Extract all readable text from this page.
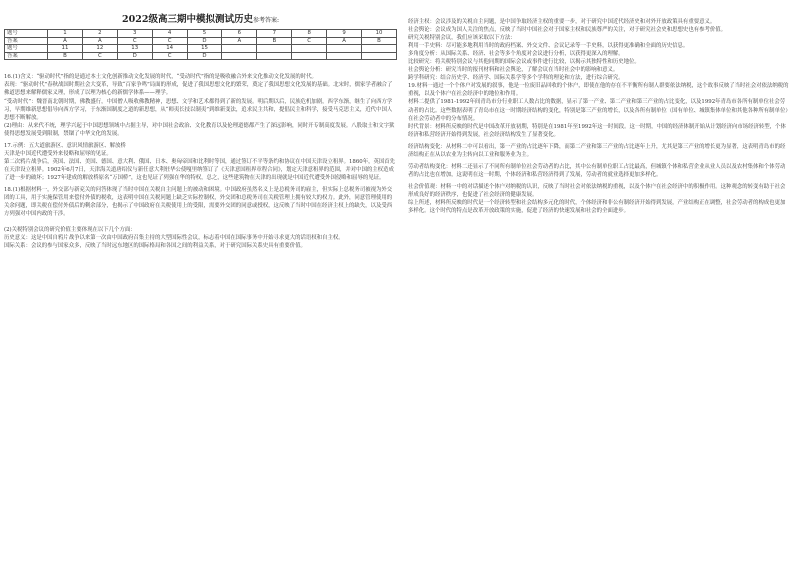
2022级高三期中模拟测试历史参考答案:
题号	1	2	3	4	5	6	7	8	9	10
答案	A	A	C	C	D	A	B	C	A	B
题号	11	12	13	14	15					
答案	B	C	D	C	D					

16.(1)含义：“驱动时代”指的是通过本土文化创新推动文化发展的时代，“受动时代”指的是吸收融合外来文化推动文化发展的时代。

表现：“驱动时代”春秋战国时期社会大变革，导致“百家争鸣”局面的形成，促进了我国思想文化的繁荣，奠定了我国思想文化发展的基础。北宋时，儒家学者融合了佛道思想来解释儒家义理，形成了以理为核心的新儒学体系——理学。

“受动时代”：魏晋南北朝时期，佛教盛行，中国僧人吸收佛教精神，思想、文学和艺术都得到了新的发展。明后期以后，民族危机加剧，西学东渐，继生了向西方学习，早期维新思想倡导向西方学习，于东渐国制度之道的新思想，从“师夷长技以制夷”到维新变法，追求民主共和，提倡民主和科学，接受马克思主义，近代中国人思想不断解放。

(2)理由：从来代不统，理学兴起于中国思想领域中占据主导，对中国社会政治、文化教育以及伦理道德都产生了深远影响，同时开专制高度发展。八股取士和文字狱使得思想发展受到限制，禁锢了中华文化的发展。

17.示例：五大道旅游区、意识风情旅游区、解放桥

天津是中国近代遭受外来侵略和屈辱的见证。

第二次鸦片战争后，英国、法国、美国、德国、意大利、俄国、日本、奥匈帝国和比利时等国，通过签订不平等条约和协议在中国天津设立租界。1860年，英国首先在天津设立租界。1902年6月7日，天津海关道唐绍仪与新任意大利驻华公使嘎里纳签订了《天津意国租界章程合同》，划定天津意租界的范围，并对中国的主权造成了进一步的破坏；1927年建成的解放桥原名“万国桥”，这也见证了列强在华的特权，总之，这些建筑物在天津的出现就是中国近代遭受外国侵略和屈辱的见证。

18.(1)根据材料一，外交部与新兖关的问答体现了当时中国在关税自主问题上的被动和困境。中国政府虽然名义上是总税务司的雇主，但实际上总税务司被视为外交团的工具，用于实施保管用来偿付外债的税收，这表明中国在关税问题上缺乏实际控制权，外交团和总税务司在关税管理上拥有较大的权力。此外，同意管理使用的关余问题，即关税在偿付外债后的剩余部分，也揭示了中国政府在关税使用上的受限，需要外交团的同意或授权，这反映了当时中国在经济主权上的缺失，以及受西方列强对中国内政的干涉。

(2)关税特别会议的研究价值主要体现在以下几个方面：

历史意义：这是中国自鸦片战争以来第一次由中国政府召集主持的大型国际性会议，标志着中国在国际事务中开始寻求更大的话语权和自主权。

国际关系：会议的参与国家众多，反映了当时远东地区的国际格局和各国之间的利益关系，对于研究国际关系史具有重要价值。

经济主权：会议涉及的关税自主问题，是中国争取经济主权的重要一步，对于研究中国近代经济史和对外开放政策具有重要意义。

社会舆论：会议成为国人关注的焦点，反映了当时中国社会对于国家主权和民族尊严的关注，对于研究社会史和思想史也有参考价值。

研究关税特别会议，我们应该采取以下方法：

利用一手史料：尽可能多地利用当时的政府档案、外交文件、会议记录等一手史料，以获得更准确和全面的历史信息。

多角度分析：从国际关系、经济、社会等多个角度对会议进行分析，以获得更深入的理解。

比较研究：将关税特别会议与其他同期的国际会议或事件进行比较，以揭示其独特性和历史地位。

社会舆论分析：研究当时的报刊材料和社会舆论，了解会议在当时社会中的影响和意义。

跨学科研究：结合历史学、经济学、国际关系学等多个学科的理论和方法，进行综合研究。

19.材料一通过一个个体户对发展的叙事，他是一位废旧品回收的个体户，即使在他的存在不平衡所有制人群要依法纳税，这个故事反映了当时社会对依法纳税的重视，以及个体户在社会经济中的地位和作用。

材料二提供了1981-1992年间青岛市分行业职工人数占比的数据，显示了第一产业、第二产业和第三产业的占比变化，以及1992年青岛市各所有制单位社会劳动者的占比。这些数据表明了青岛市在这一时期经济结构的变化，特别是第三产业的增长，以及各所有制单位（国有单位、城镇集体单位和其他各种所有制单位）在社会劳动者中的分布情况。

时代背景：材料所反映的时代是中国改革开放初期，特别是在1981年至1992年这一时间段。这一时期，中国的经济体制开始从计划经济向市场经济转型，个体经济和私营经济开始得到发展，社会经济结构发生了显著变化。

经济结构变化：从材料二中可以看出，第一产业的占比逐年下降，而第二产业和第三产业的占比逐年上升，尤其是第三产业的增长更为显著，这表明青岛市的经济结构正在从以农业为主转向以工业和服务业为主。

劳动者结构变化：材料二还显示了不同所有制单位社会劳动者的占比，其中公有制单位职工占比最高，但城镇个体和私营企业从业人员以及农村集体和个体劳动者的占比也在增加，这说明在这一时期，个体经济和私营经济得到了发展，劳动者的就业选择更加多样化。

社会价值观：材料一中的对话描述个体户对纳税的认识，反映了当时社会对依法纳税的重视，以及个体户在社会经济中的积极作用。这种观念的转变有助于社会形成良好的经济秩序，也促进了社会经济的健康发展。

综上所述，材料所反映的时代是一个经济转型和社会结构多元化的时代，个体经济和非公有制经济开始得到发展，产业结构正在调整，社会劳动者的构成也更加多样化。这个时代的特点是改革开放政策的实施，促进了经济的快速发展和社会的全面进步。
